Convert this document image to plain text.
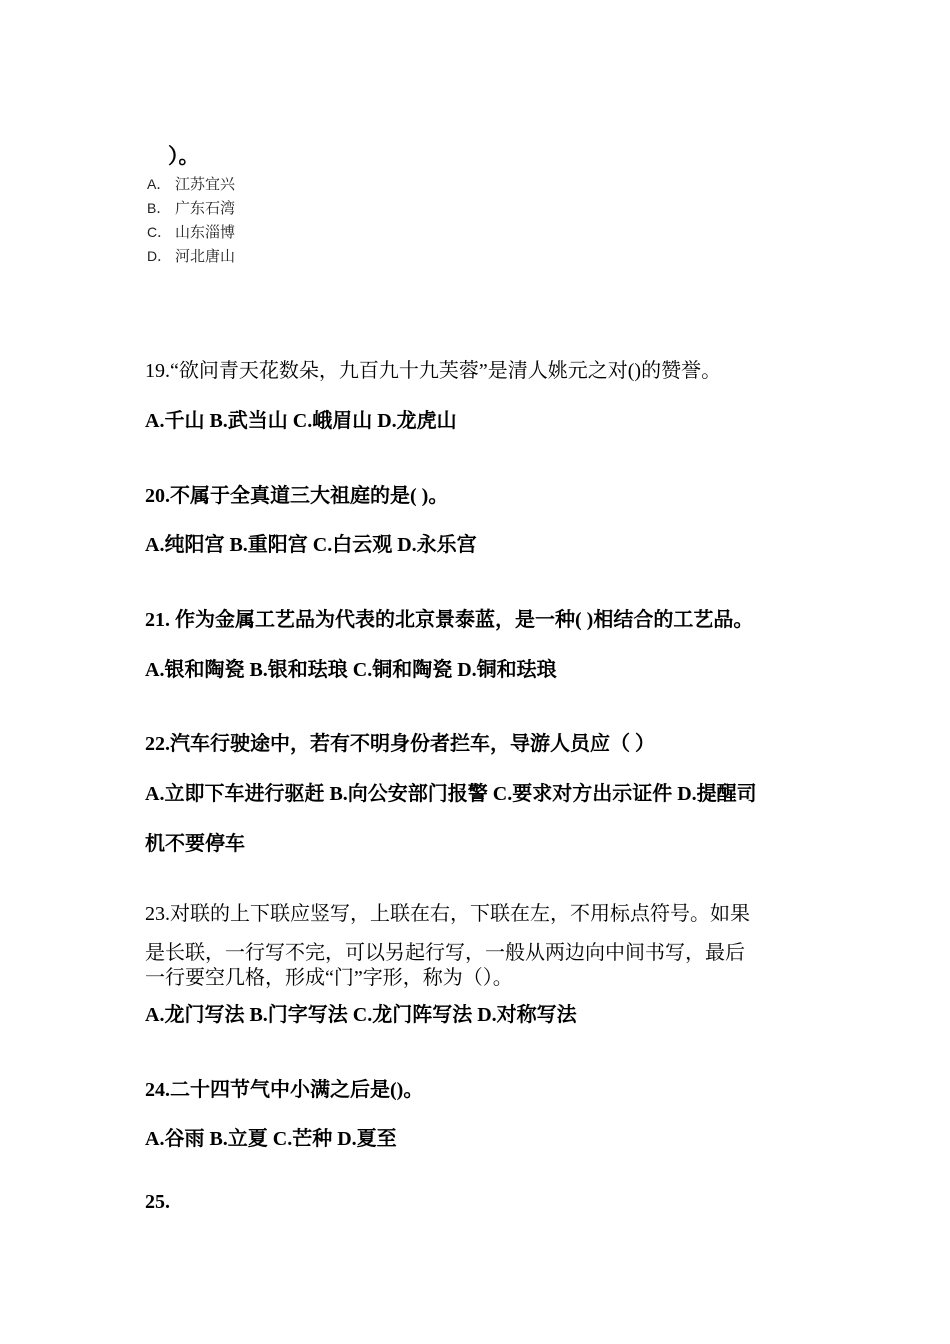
）。
A． 江苏宜兴
B． 广东石湾
C． 山东淄博
D． 河北唐山
19.“欲问青天花数朵，九百九十九芙蓉”是清人姚元之对()的赞誉。
A.千山 B.武当山 C.峨眉山 D.龙虎山
20.不属于全真道三大祖庭的是( )。
A.纯阳宫 B.重阳宫 C.白云观 D.永乐宫
21. 作为金属工艺品为代表的北京景泰蓝，是一种( )相结合的工艺品。
A.银和陶瓷 B.银和珐琅 C.铜和陶瓷 D.铜和珐琅
22.汽车行驶途中，若有不明身份者拦车，导游人员应（ ）
A.立即下车进行驱赶 B.向公安部门报警 C.要求对方出示证件 D.提醒司
机不要停车
23.对联的上下联应竖写，上联在右，下联在左，不用标点符号。如果
是长联，一行写不完，可以另起行写，一般从两边向中间书写，最后
一行要空几格，形成“门”字形，称为（）。
A.龙门写法 B.门字写法 C.龙门阵写法 D.对称写法
24.二十四节气中小满之后是()。
A.谷雨 B.立夏 C.芒种 D.夏至
25.
